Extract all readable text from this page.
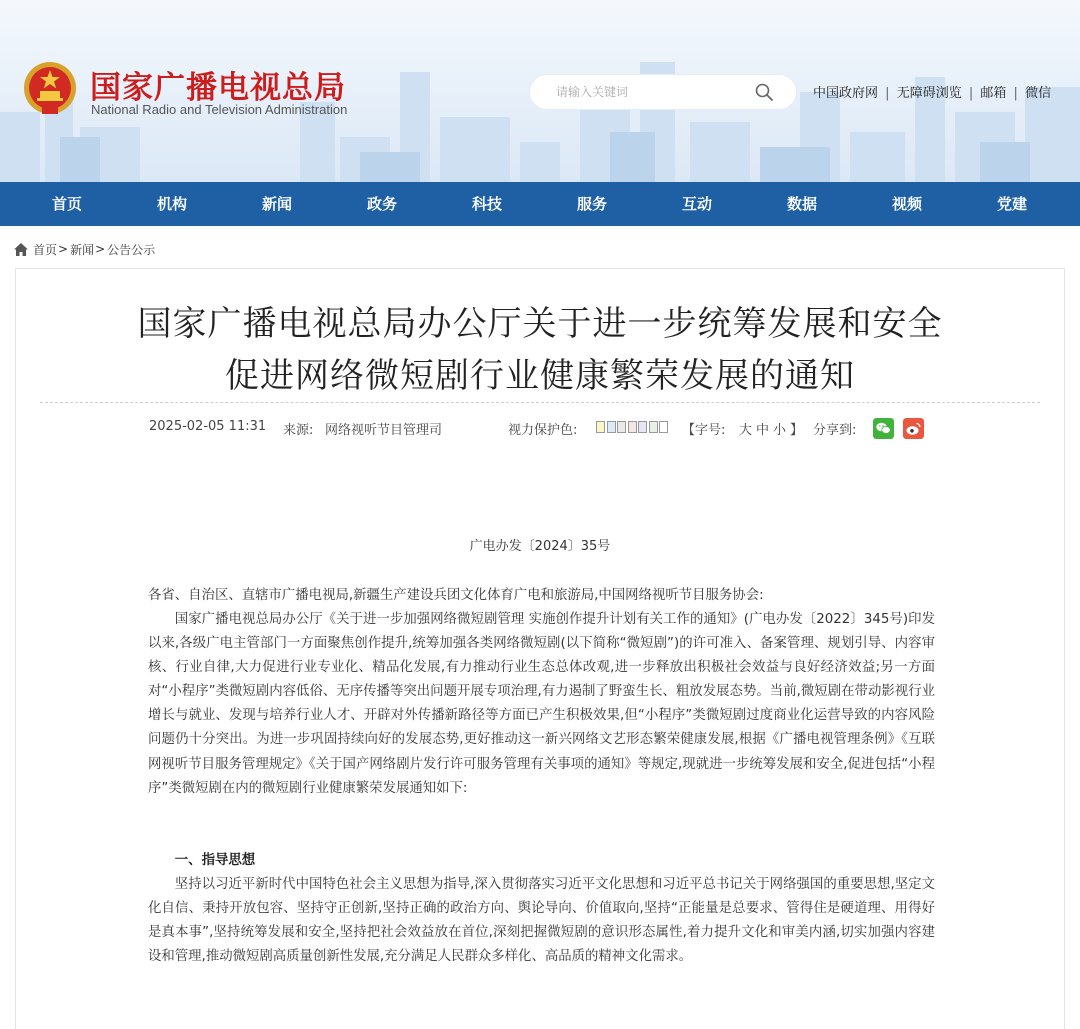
国家广播电视总局
National Radio and Television Administration
请输入关键词
中国政府网 | 无障碍浏览 | 邮箱 | 微信
首页	机构	新闻	政务	科技	服务	互动	数据	视频	党建
首页 > 新闻 > 公告公示
国家广播电视总局办公厅关于进一步统筹发展和安全
促进网络微短剧行业健康繁荣发展的通知
2025-02-05 11:31 来源: 网络视听节目管理司	视力保护色:	【字号: 大 中 小 】 分享到:
广电办发〔2024〕35号

各省、自治区、直辖市广播电视局,新疆生产建设兵团文化体育广电和旅游局,中国网络视听节目服务协会:

国家广播电视总局办公厅《关于进一步加强网络微短剧管理 实施创作提升计划有关工作的通知》(广电办发〔2022〕345号)印发以来,各级广电主管部门一方面聚焦创作提升,统筹加强各类网络微短剧(以下简称“微短剧”)的许可准入、备案管理、规划引导、内容审核、行业自律,大力促进行业专业化、精品化发展,有力推动行业生态总体改观,进一步释放出积极社会效益与良好经济效益;另一方面对“小程序”类微短剧内容低俗、无序传播等突出问题开展专项治理,有力遏制了野蛮生长、粗放发展态势。当前,微短剧在带动影视行业增长与就业、发现与培养行业人才、开辟对外传播新路径等方面已产生积极效果,但“小程序”类微短剧过度商业化运营导致的内容风险问题仍十分突出。为进一步巩固持续向好的发展态势,更好推动这一新兴网络文艺形态繁荣健康发展,根据《广播电视管理条例》《互联网视听节目服务管理规定》《关于国产网络剧片发行许可服务管理有关事项的通知》等规定,现就进一步统筹发展和安全,促进包括“小程序”类微短剧在内的微短剧行业健康繁荣发展通知如下:

一、指导思想

坚持以习近平新时代中国特色社会主义思想为指导,深入贯彻落实习近平文化思想和习近平总书记关于网络强国的重要思想,坚定文化自信、秉持开放包容、坚持守正创新,坚持正确的政治方向、舆论导向、价值取向,坚持“正能量是总要求、管得住是硬道理、用得好是真本事”,坚持统筹发展和安全,坚持把社会效益放在首位,深刻把握微短剧的意识形态属性,着力提升文化和审美内涵,切实加强内容建设和管理,推动微短剧高质量创新性发展,充分满足人民群众多样化、高品质的精神文化需求。
